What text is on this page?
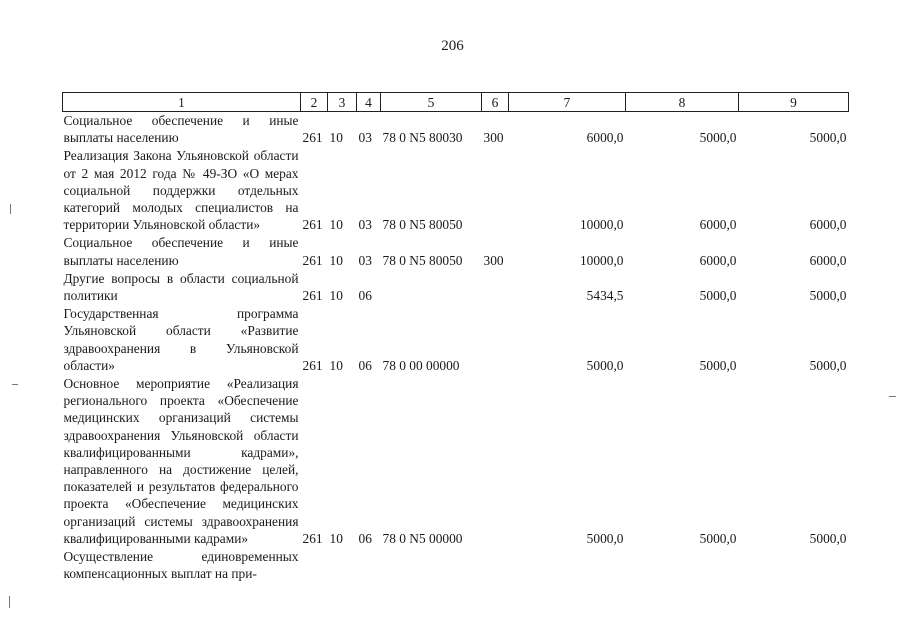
206
1	2	3	4	5	6	7	8	9
Социальное обеспечение и иные выплаты населению	261	10	03	78 0 N5 80030	300	6000,0	5000,0	5000,0
Реализация Закона Ульяновской области от 2 мая 2012 года № 49-ЗО «О мерах социальной поддержки отдельных категорий молодых специалистов на территории Ульяновской области»	261	10	03	78 0 N5 80050		10000,0	6000,0	6000,0
Социальное обеспечение и иные выплаты населению	261	10	03	78 0 N5 80050	300	10000,0	6000,0	6000,0
Другие вопросы в области социальной политики	261	10	06			5434,5	5000,0	5000,0
Государственная программа Ульяновской области «Развитие здравоохранения в Ульяновской области»	261	10	06	78 0 00 00000		5000,0	5000,0	5000,0
Основное мероприятие «Реализация регионального проекта «Обеспечение медицинских организаций системы здравоохранения Ульяновской области квалифицированными кадрами», направленного на достижение целей, показателей и результатов федерального проекта «Обеспечение медицинских организаций системы здравоохранения квалифицированными кадрами»	261	10	06	78 0 N5 00000		5000,0	5000,0	5000,0
Осуществление единовременных компенсационных выплат на при-								
